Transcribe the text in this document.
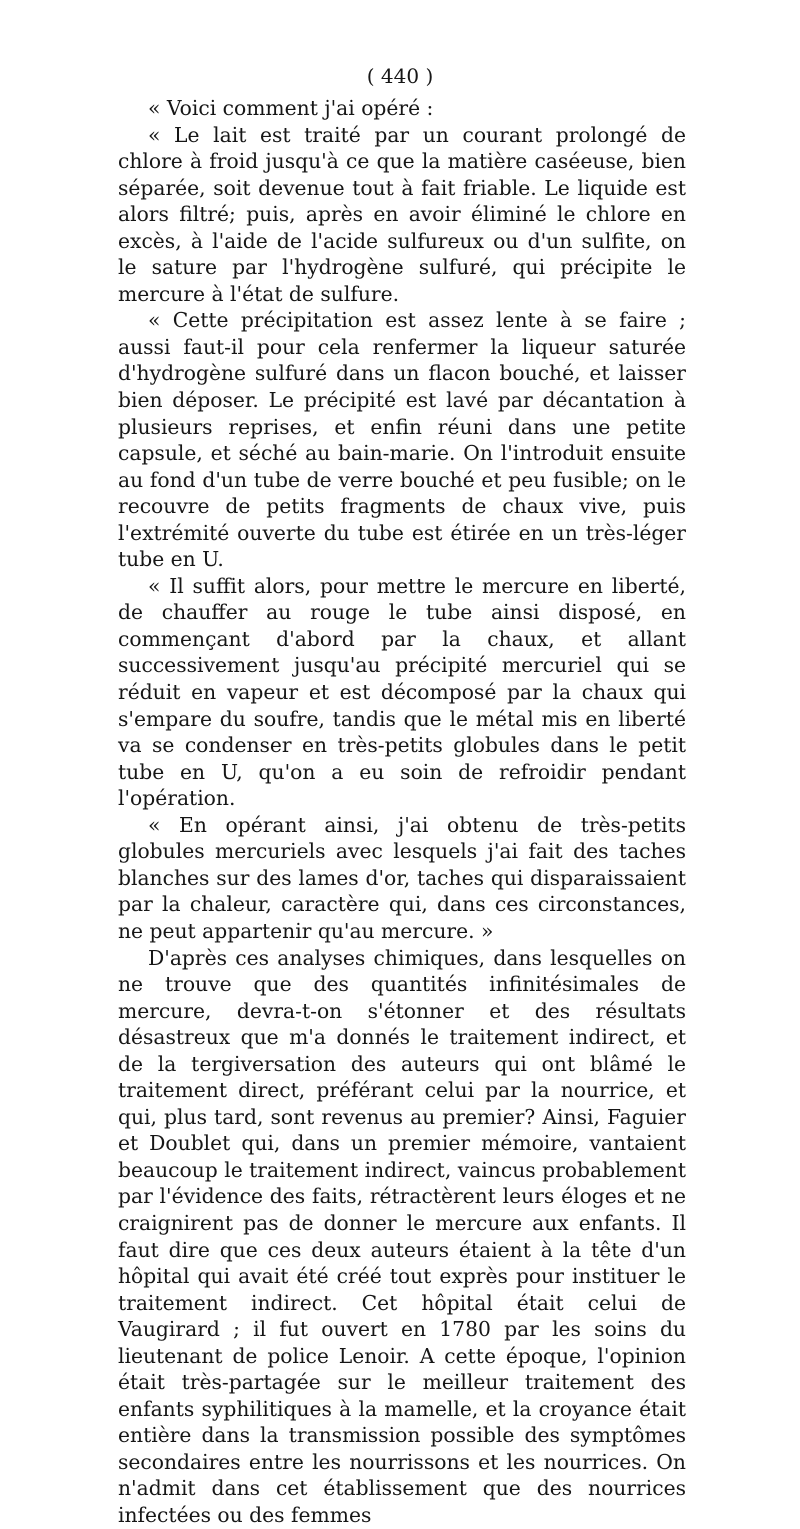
( 440 )

« Voici comment j'ai opéré :

« Le lait est traité par un courant prolongé de chlore à froid jusqu'à ce que la matière caséeuse, bien séparée, soit devenue tout à fait friable. Le liquide est alors filtré; puis, après en avoir éliminé le chlore en excès, à l'aide de l'acide sulfureux ou d'un sulfite, on le sature par l'hydrogène sulfuré, qui précipite le mercure à l'état de sulfure.

« Cette précipitation est assez lente à se faire ; aussi faut-il pour cela renfermer la liqueur saturée d'hydrogène sulfuré dans un flacon bouché, et laisser bien déposer. Le précipité est lavé par décantation à plusieurs reprises, et enfin réuni dans une petite capsule, et séché au bain-marie. On l'introduit ensuite au fond d'un tube de verre bouché et peu fusible; on le recouvre de petits fragments de chaux vive, puis l'extrémité ouverte du tube est étirée en un très-léger tube en U.

« Il suffit alors, pour mettre le mercure en liberté, de chauffer au rouge le tube ainsi disposé, en commençant d'abord par la chaux, et allant successivement jusqu'au précipité mercuriel qui se réduit en vapeur et est décomposé par la chaux qui s'empare du soufre, tandis que le métal mis en liberté va se condenser en très-petits globules dans le petit tube en U, qu'on a eu soin de refroidir pendant l'opération.

« En opérant ainsi, j'ai obtenu de très-petits globules mercuriels avec lesquels j'ai fait des taches blanches sur des lames d'or, taches qui disparaissaient par la chaleur, caractère qui, dans ces circonstances, ne peut appartenir qu'au mercure. »

D'après ces analyses chimiques, dans lesquelles on ne trouve que des quantités infinitésimales de mercure, devra-t-on s'étonner et des résultats désastreux que m'a donnés le traitement indirect, et de la tergiversation des auteurs qui ont blâmé le traitement direct, préférant celui par la nourrice, et qui, plus tard, sont revenus au premier? Ainsi, Faguier et Doublet qui, dans un premier mémoire, vantaient beaucoup le traitement indirect, vaincus probablement par l'évidence des faits, rétractèrent leurs éloges et ne craignirent pas de donner le mercure aux enfants. Il faut dire que ces deux auteurs étaient à la tête d'un hôpital qui avait été créé tout exprès pour instituer le traitement indirect. Cet hôpital était celui de Vaugirard ; il fut ouvert en 1780 par les soins du lieutenant de police Lenoir. A cette époque, l'opinion était très-partagée sur le meilleur traitement des enfants syphilitiques à la mamelle, et la croyance était entière dans la transmission possible des symptômes secondaires entre les nourrissons et les nourrices. On n'admit dans cet établissement que des nourrices infectées ou des femmes
